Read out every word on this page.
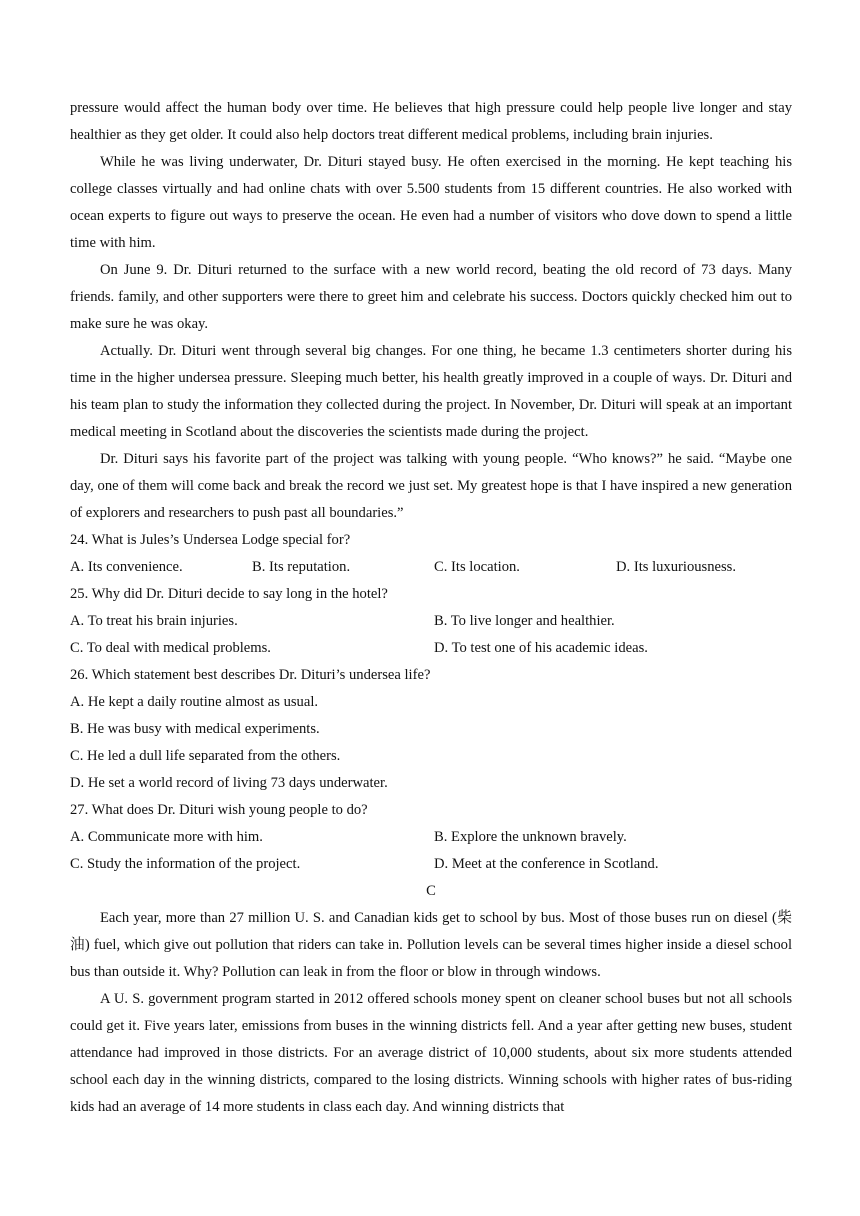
pressure would affect the human body over time. He believes that high pressure could help people live longer and stay healthier as they get older. It could also help doctors treat different medical problems, including brain injuries.

While he was living underwater, Dr. Dituri stayed busy. He often exercised in the morning. He kept teaching his college classes virtually and had online chats with over 5.500 students from 15 different countries. He also worked with ocean experts to figure out ways to preserve the ocean. He even had a number of visitors who dove down to spend a little time with him.

On June 9. Dr. Dituri returned to the surface with a new world record, beating the old record of 73 days. Many friends. family, and other supporters were there to greet him and celebrate his success. Doctors quickly checked him out to make sure he was okay.

Actually. Dr. Dituri went through several big changes. For one thing, he became 1.3 centimeters shorter during his time in the higher undersea pressure. Sleeping much better, his health greatly improved in a couple of ways. Dr. Dituri and his team plan to study the information they collected during the project. In November, Dr. Dituri will speak at an important medical meeting in Scotland about the discoveries the scientists made during the project.

Dr. Dituri says his favorite part of the project was talking with young people. “Who knows?” he said. “Maybe one day, one of them will come back and break the record we just set. My greatest hope is that I have inspired a new generation of explorers and researchers to push past all boundaries.”

24. What is Jules’s Undersea Lodge special for?

A. Its convenience.	B. Its reputation.	C. Its location.	D. Its luxuriousness.

25. Why did Dr. Dituri decide to say long in the hotel?

A. To treat his brain injuries.	B. To live longer and healthier.
C. To deal with medical problems.	D. To test one of his academic ideas.

26. Which statement best describes Dr. Dituri’s undersea life?

A. He kept a daily routine almost as usual.

B. He was busy with medical experiments.

C. He led a dull life separated from the others.

D. He set a world record of living 73 days underwater.

27. What does Dr. Dituri wish young people to do?

A. Communicate more with him.	B. Explore the unknown bravely.
C. Study the information of the project.	D. Meet at the conference in Scotland.

C

Each year, more than 27 million U. S. and Canadian kids get to school by bus. Most of those buses run on diesel (柴油) fuel, which give out pollution that riders can take in. Pollution levels can be several times higher inside a diesel school bus than outside it. Why? Pollution can leak in from the floor or blow in through windows.

A U. S. government program started in 2012 offered schools money spent on cleaner school buses but not all schools could get it. Five years later, emissions from buses in the winning districts fell. And a year after getting new buses, student attendance had improved in those districts. For an average district of 10,000 students, about six more students attended school each day in the winning districts, compared to the losing districts. Winning schools with higher rates of bus-riding kids had an average of 14 more students in class each day. And winning districts that
